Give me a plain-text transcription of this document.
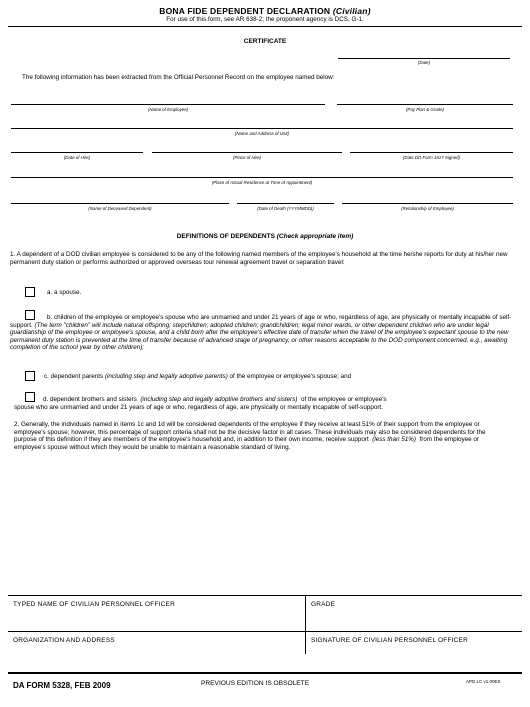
BONA FIDE DEPENDENT DECLARATION (Civilian)
For use of this form, see AR 638-2; the proponent agency is DCS, G-1.
CERTIFICATE
(Date)
The following information has been extracted from the Official Personnel Record on the employee named below:
(Name of Employee)	(Pay Plan & Grade)
(Name and Address of Unit)
(Date of Hire)	(Place of Hire)	(Date DD Form 1617 Signed)
(Place of Actual Residence at Time of Appointment)
(Name of Deceased Dependent)	(Date of Death (YYYMMDD))	(Relationship of Employee)
DEFINITIONS OF DEPENDENTS (Check appropriate item)
1. A dependent of a DOD civilian employee is considered to be any of the following named members of the employee's household at the time he/she reports for duty at his/her new permanent duty station or performs authorized or approved overseas tour renewal agreement travel or separation travel:
a. a spouse.
b. children of the employee or employee's spouse who are unmarried and under 21 years of age or who, regardless of age, are physically or mentally incapable of self-support. (The term "children" will include natural offspring; stepchildren; adopted children; grandchildren; legal minor wards, or other dependent children who are under legal guardianship of the employee or employee's spouse, and a child born after the employee's effective date of transfer when the travel of the employee's expectant spouse to the new permanent duty station is prevented at the time of transfer because of advanced stage of pregnancy, or other reasons acceptable to the DOD component concerned, e.g., awaiting completion of the school year by other children);
c. dependent parents (including step and legally adoptive parents) of the employee or employee's spouse; and
d. dependent brothers and sisters (including step and legally adoptive brothers and sisters) of the employee or employee's
spouse who are unmarried and under 21 years of age or who, regardless of age, are physically or mentally incapable of self-support.
2. Generally, the individuals named in items 1c and 1d will be considered dependents of the employee if they receive at least 51% of their support from the employee or employee's spouse; however, this percentage of support criteria shall not be the decisive factor in all cases. These individuals may also be considered dependents for the purpose of this definition if they are members of the employee's household and, in addition to their own income, receive support (less than 51%) from the employee or employee's spouse without which they would be unable to maintain a reasonable standard of living.
TYPED NAME OF CIVILIAN PERSONNEL OFFICER	GRADE
ORGANIZATION AND ADDRESS	SIGNATURE OF CIVILIAN PERSONNEL OFFICER
DA FORM 5328, FEB 2009	PREVIOUS EDITION IS OBSOLETE	APD LC v1.00ES
